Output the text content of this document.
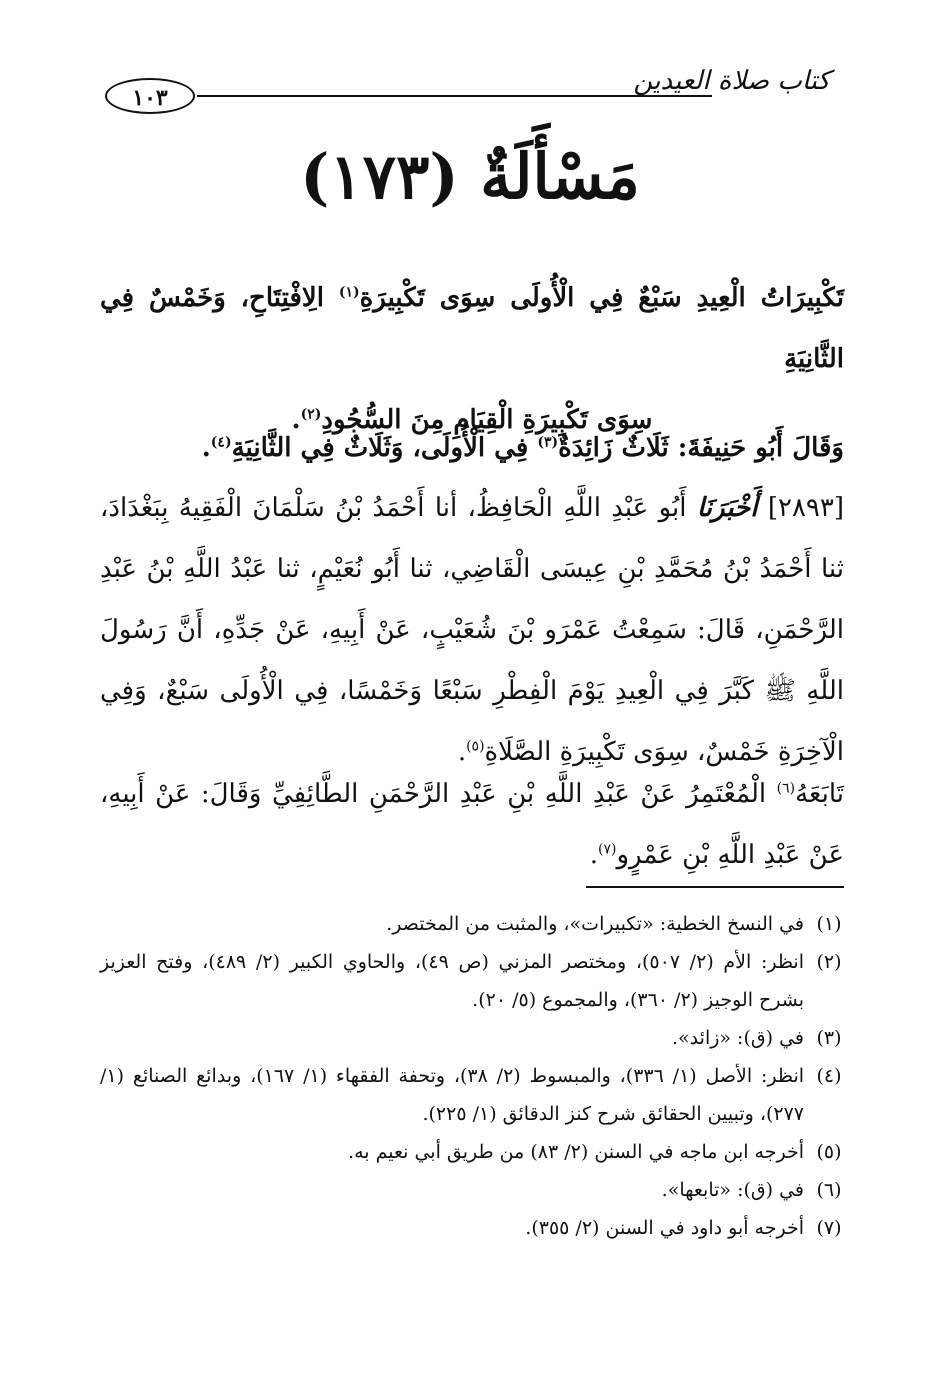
كتاب صلاة العيدين
١٠٣
مَسْأَلَةٌ (١٧٣)

تَكْبِيرَاتُ الْعِيدِ سَبْعٌ فِي الْأُولَى سِوَى تَكْبِيرَةِ$^{(١)}$ الِافْتِتَاحِ، وَخَمْسٌ فِي الثَّانِيَةِ

سِوَى تَكْبِيرَةِ الْقِيَامِ مِنَ السُّجُودِ$^{(٢)}$.

وَقَالَ أَبُو حَنِيفَةَ: ثَلَاثٌ زَائِدَةٌ$^{(٣)}$ فِي الْأُولَى، وَثَلَاثٌ فِي الثَّانِيَةِ$^{(٤)}$.

[٢٨٩٣] أَخْبَرَنَا أَبُو عَبْدِ اللَّهِ الْحَافِظُ، أنا أَحْمَدُ بْنُ سَلْمَانَ الْفَقِيهُ بِبَغْدَادَ، ثنا أَحْمَدُ بْنُ مُحَمَّدِ بْنِ عِيسَى الْقَاضِي، ثنا أَبُو نُعَيْمٍ، ثنا عَبْدُ اللَّهِ بْنُ عَبْدِ الرَّحْمَنِ، قَالَ: سَمِعْتُ عَمْرَو بْنَ شُعَيْبٍ، عَنْ أَبِيهِ، عَنْ جَدِّهِ، أَنَّ رَسُولَ اللَّهِ ﷺ كَبَّرَ فِي الْعِيدِ يَوْمَ الْفِطْرِ سَبْعًا وَخَمْسًا، فِي الْأُولَى سَبْعٌ، وَفِي الْآخِرَةِ خَمْسٌ، سِوَى تَكْبِيرَةِ الصَّلَاةِ$^{(٥)}$.

تَابَعَهُ$^{(٦)}$ الْمُعْتَمِرُ عَنْ عَبْدِ اللَّهِ بْنِ عَبْدِ الرَّحْمَنِ الطَّائِفِيِّ وَقَالَ: عَنْ أَبِيهِ، عَنْ عَبْدِ اللَّهِ بْنِ عَمْرٍو$^{(٧)}$.

(١)
في النسخ الخطية: «تكبيرات»، والمثبت من المختصر.
(٢)
انظر: الأم (٢/ ٥٠٧)، ومختصر المزني (ص ٤٩)، والحاوي الكبير (٢/ ٤٨٩)، وفتح العزيز بشرح الوجيز (٢/ ٣٦٠)، والمجموع (٥/ ٢٠).
(٣)
في (ق): «زائد».
(٤)
انظر: الأصل (١/ ٣٣٦)، والمبسوط (٢/ ٣٨)، وتحفة الفقهاء (١/ ١٦٧)، وبدائع الصنائع (١/ ٢٧٧)، وتبيين الحقائق شرح كنز الدقائق (١/ ٢٢٥).
(٥)
أخرجه ابن ماجه في السنن (٢/ ٨٣) من طريق أبي نعيم به.
(٦)
في (ق): «تابعها».
(٧)
أخرجه أبو داود في السنن (٢/ ٣٥٥).
